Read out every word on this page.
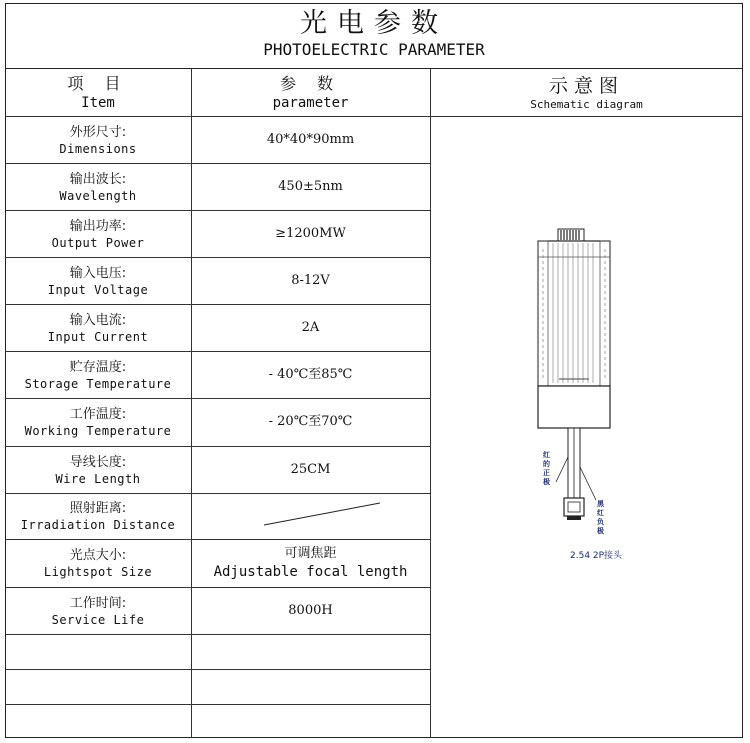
光电参数
PHOTOELECTRIC PARAMETER
项 目
Item
参 数
parameter
示意图
Schematic diagram
外形尺寸:
Dimensions
40*40*90mm
输出波长:
Wavelength
450±5nm
输出功率:
Output Power
≥1200MW
输入电压:
Input Voltage
8-12V
输入电流:
Input Current
2A
贮存温度:
Storage Temperature
- 40℃至85℃
工作温度:
Working Temperature
- 20℃至70℃
导线长度:
Wire Length
25CM
照射距离:
Irradiation Distance
光点大小:
Lightspot Size
可调焦距
Adjustable focal length
工作时间:
Service Life
8000H
红 的 正 极
黑 红 负 极
2.54 2P接头
